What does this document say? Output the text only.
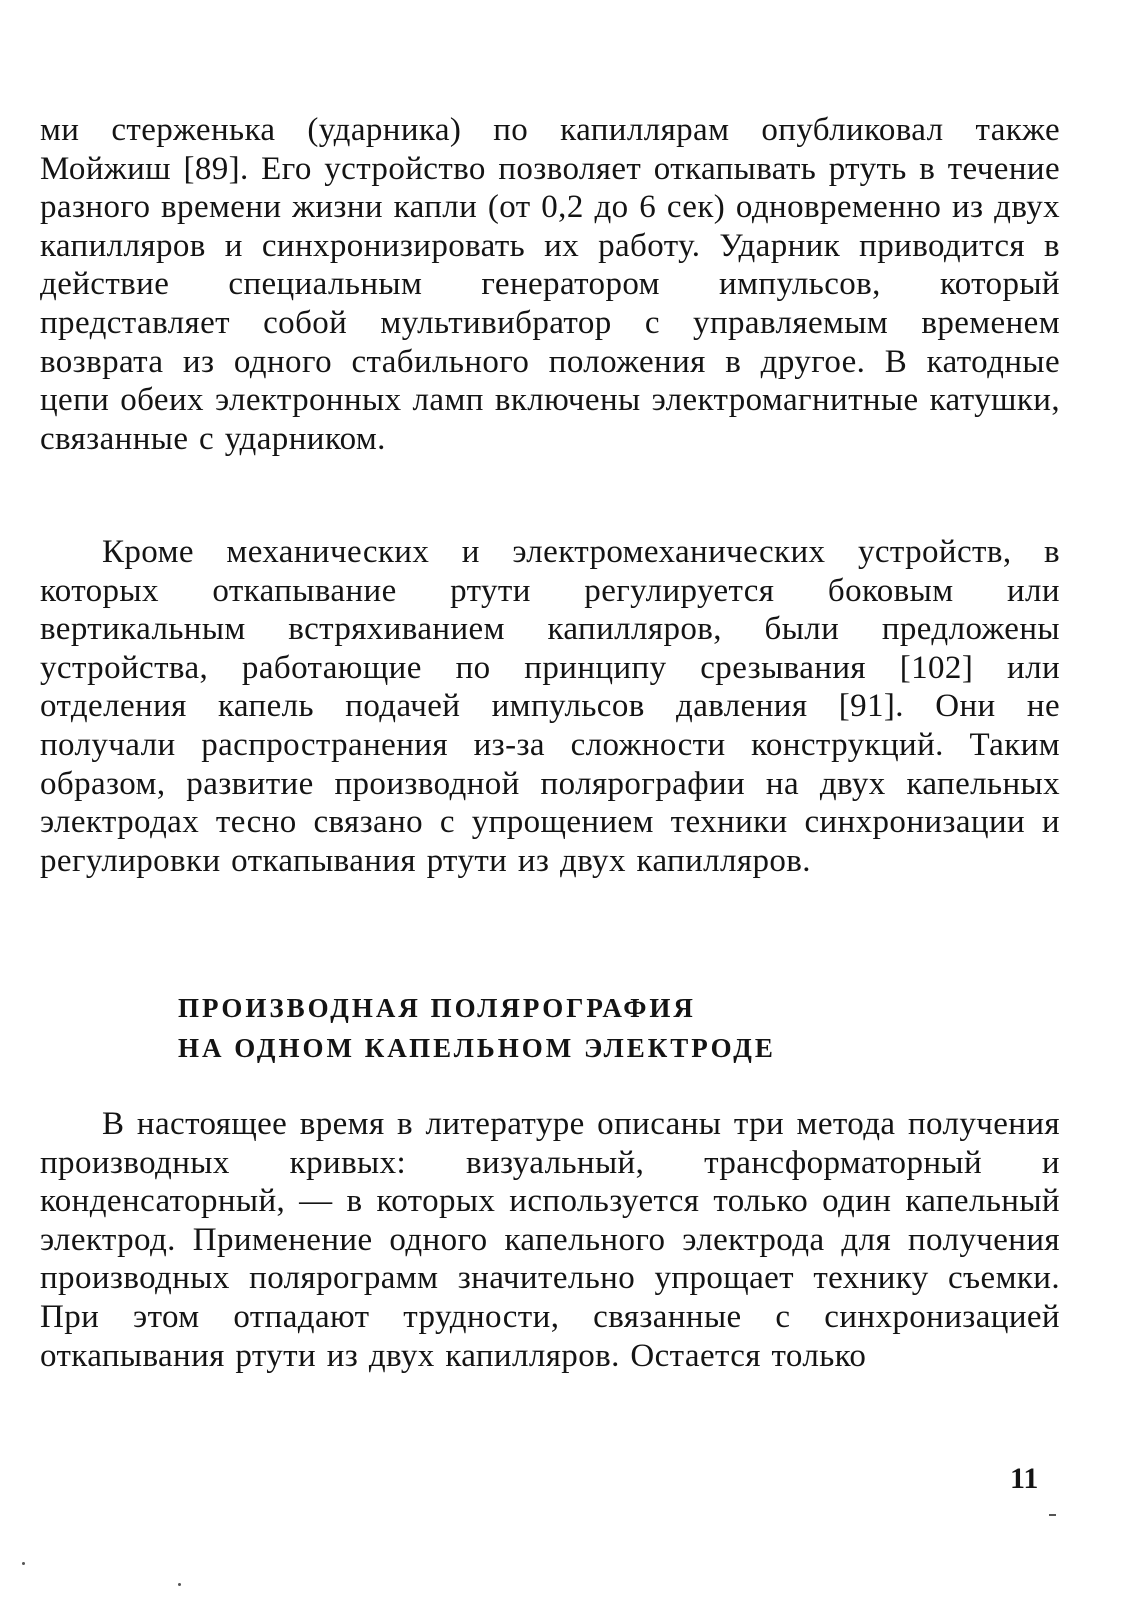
ми стерженька (ударника) по капиллярам опубликовал также Мойжиш [89]. Его устройство позволяет откапывать ртуть в течение разного времени жизни капли (от 0,2 до 6 сек) одновременно из двух капилляров и синхронизировать их работу. Ударник приводится в действие специальным генератором импульсов, который представляет собой мультивибратор с управляемым временем возврата из одного стабильного положения в другое. В катодные цепи обеих электронных ламп включены электромагнитные катушки, связанные с ударником.

Кроме механических и электромеханических устройств, в которых откапывание ртути регулируется боковым или вертикальным встряхиванием капилляров, были предложены устройства, работающие по принципу срезывания [102] или отделения капель подачей импульсов давления [91]. Они не получали распространения из-за сложности конструкций. Таким образом, развитие производной полярографии на двух капельных электродах тесно связано с упрощением техники синхронизации и регулировки откапывания ртути из двух капилляров.

ПРОИЗВОДНАЯ ПОЛЯРОГРАФИЯ
НА ОДНОМ КАПЕЛЬНОМ ЭЛЕКТРОДЕ

В настоящее время в литературе описаны три метода получения производных кривых: визуальный, трансформаторный и конденсаторный, — в которых используется только один капельный электрод. Применение одного капельного электрода для получения производных полярограмм значительно упрощает технику съемки. При этом отпадают трудности, связанные с синхронизацией откапывания ртути из двух капилляров. Остается только

11
